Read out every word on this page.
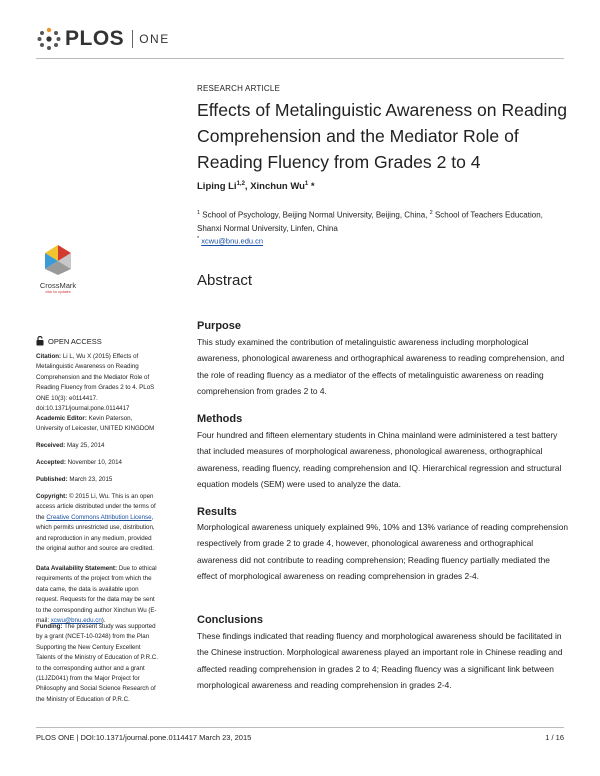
PLOS ONE
RESEARCH ARTICLE
Effects of Metalinguistic Awareness on Reading Comprehension and the Mediator Role of Reading Fluency from Grades 2 to 4
Liping Li$^{1,2}$, Xinchun Wu$^1$ *
$^1$ School of Psychology, Beijing Normal University, Beijing, China, $^2$ School of Teachers Education, Shanxi Normal University, Linfen, China
* xcwu@bnu.edu.cn
CrossMark
click for updates
Abstract
Purpose

This study examined the contribution of metalinguistic awareness including morphological awareness, phonological awareness and orthographical awareness to reading comprehension, and the role of reading fluency as a mediator of the effects of metalinguistic awareness on reading comprehension from grades 2 to 4.

Methods

Four hundred and fifteen elementary students in China mainland were administered a test battery that included measures of morphological awareness, phonological awareness, orthographical awareness, reading fluency, reading comprehension and IQ. Hierarchical regression and structural equation models (SEM) were used to analyze the data.

Results

Morphological awareness uniquely explained 9%, 10% and 13% variance of reading comprehension respectively from grade 2 to grade 4, however, phonological awareness and orthographical awareness did not contribute to reading comprehension; Reading fluency partially mediated the effect of morphological awareness on reading comprehension in grades 2-4.

Conclusions

These findings indicated that reading fluency and morphological awareness should be facilitated in the Chinese instruction. Morphological awareness played an important role in Chinese reading and affected reading comprehension in grades 2 to 4; Reading fluency was a significant link between morphological awareness and reading comprehension in grades 2-4.

OPEN ACCESS
Citation: Li L, Wu X (2015) Effects of Metalinguistic Awareness on Reading Comprehension and the Mediator Role of Reading Fluency from Grades 2 to 4. PLoS ONE 10(3): e0114417. doi:10.1371/journal.pone.0114417
Academic Editor: Kevin Paterson, University of Leicester, UNITED KINGDOM
Received: May 25, 2014
Accepted: November 10, 2014
Published: March 23, 2015
Copyright: © 2015 Li, Wu. This is an open access article distributed under the terms of the Creative Commons Attribution License, which permits unrestricted use, distribution, and reproduction in any medium, provided the original author and source are credited.
Data Availability Statement: Due to ethical requirements of the project from which the data came, the data is available upon request. Requests for the data may be sent to the corresponding author Xinchun Wu (E-mail: xcwu@bnu.edu.cn).
Funding: The present study was supported by a grant (NCET-10-0248) from the Plan Supporting the New Century Excellent Talents of the Ministry of Education of P.R.C. to the corresponding author and a grant (11JZD041) from the Major Project for Philosophy and Social Science Research of the Ministry of Education of P.R.C.
PLOS ONE | DOI:10.1371/journal.pone.0114417 March 23, 2015	1 / 16
